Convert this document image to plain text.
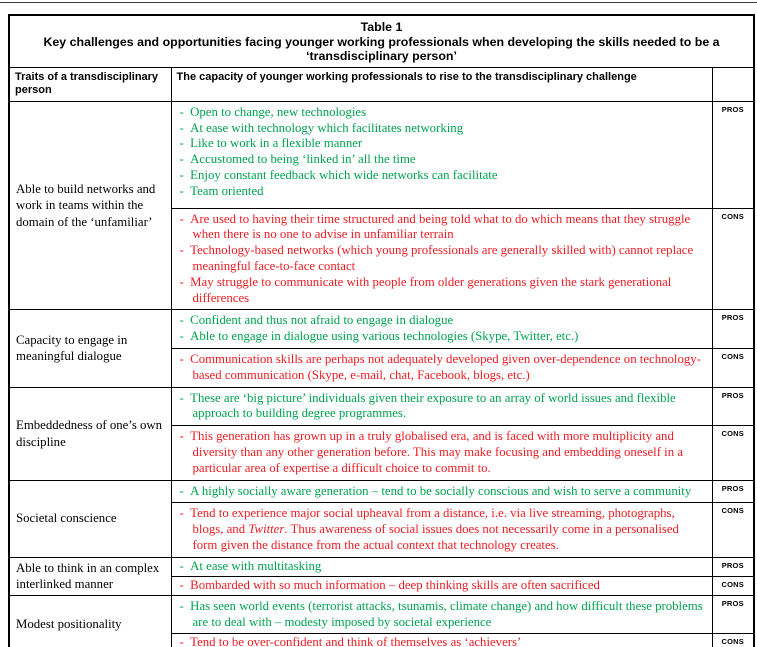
Table 1
Key challenges and opportunities facing younger working professionals when developing the skills needed to be a ‘transdisciplinary person’		

Traits of a transdisciplinary person	The capacity of younger working professionals to rise to the transdisciplinary challenge	
Able to build networks and work in teams within the domain of the ‘unfamiliar’	
-  Open to change, new technologies
-  At ease with technology which facilitates networking
-  Like to work in a flexible manner
-  Accustomed to being ‘linked in’ all the time
-  Enjoy constant feedback which wide networks can facilitate
-  Team oriented
	PROS

	-  Are used to having their time structured and being told what to do which means that they struggle when there is no one to advise in unfamiliar terrain
-  Technology-based networks (which young professionals are generally skilled with) cannot replace meaningful face-to-face contact
-  May struggle to communicate with people from older generations given the stark generational differences	CONS
Capacity to engage in meaningful dialogue	-  Confident and thus not afraid to engage in dialogue
-  Able to engage in dialogue using various technologies (Skype, Twitter, etc.)	PROS

	-  Communication skills are perhaps not adequately developed given over-dependence on technology-based communication (Skype, e-mail, chat, Facebook, blogs, etc.)	CONS
Embeddedness of one’s own discipline	-  These are ‘big picture’ individuals given their exposure to an array of world issues and flexible approach to building degree programmes.	PROS

	-  This generation has grown up in a truly globalised era, and is faced with more multiplicity and diversity than any other generation before. This may make focusing and embedding oneself in a particular area of expertise a difficult choice to commit to.	CONS
Societal conscience	-  A highly socially aware generation – tend to be socially conscious and wish to serve a community	PROS

	-  Tend to experience major social upheaval from a distance, i.e. via live streaming, photographs, blogs, and Twitter. Thus awareness of social issues does not necessarily come in a personalised form given the distance from the actual context that technology creates.	CONS
Able to think in an complex interlinked manner	-  At ease with multitasking	PROS

	-  Bombarded with so much information – deep thinking skills are often sacrificed	CONS
Modest positionality	-  Has seen world events (terrorist attacks, tsunamis, climate change) and how difficult these problems are to deal with – modesty imposed by societal experience	PROS

	-  Tend to be over-confident and think of themselves as ‘achievers’	CONS
